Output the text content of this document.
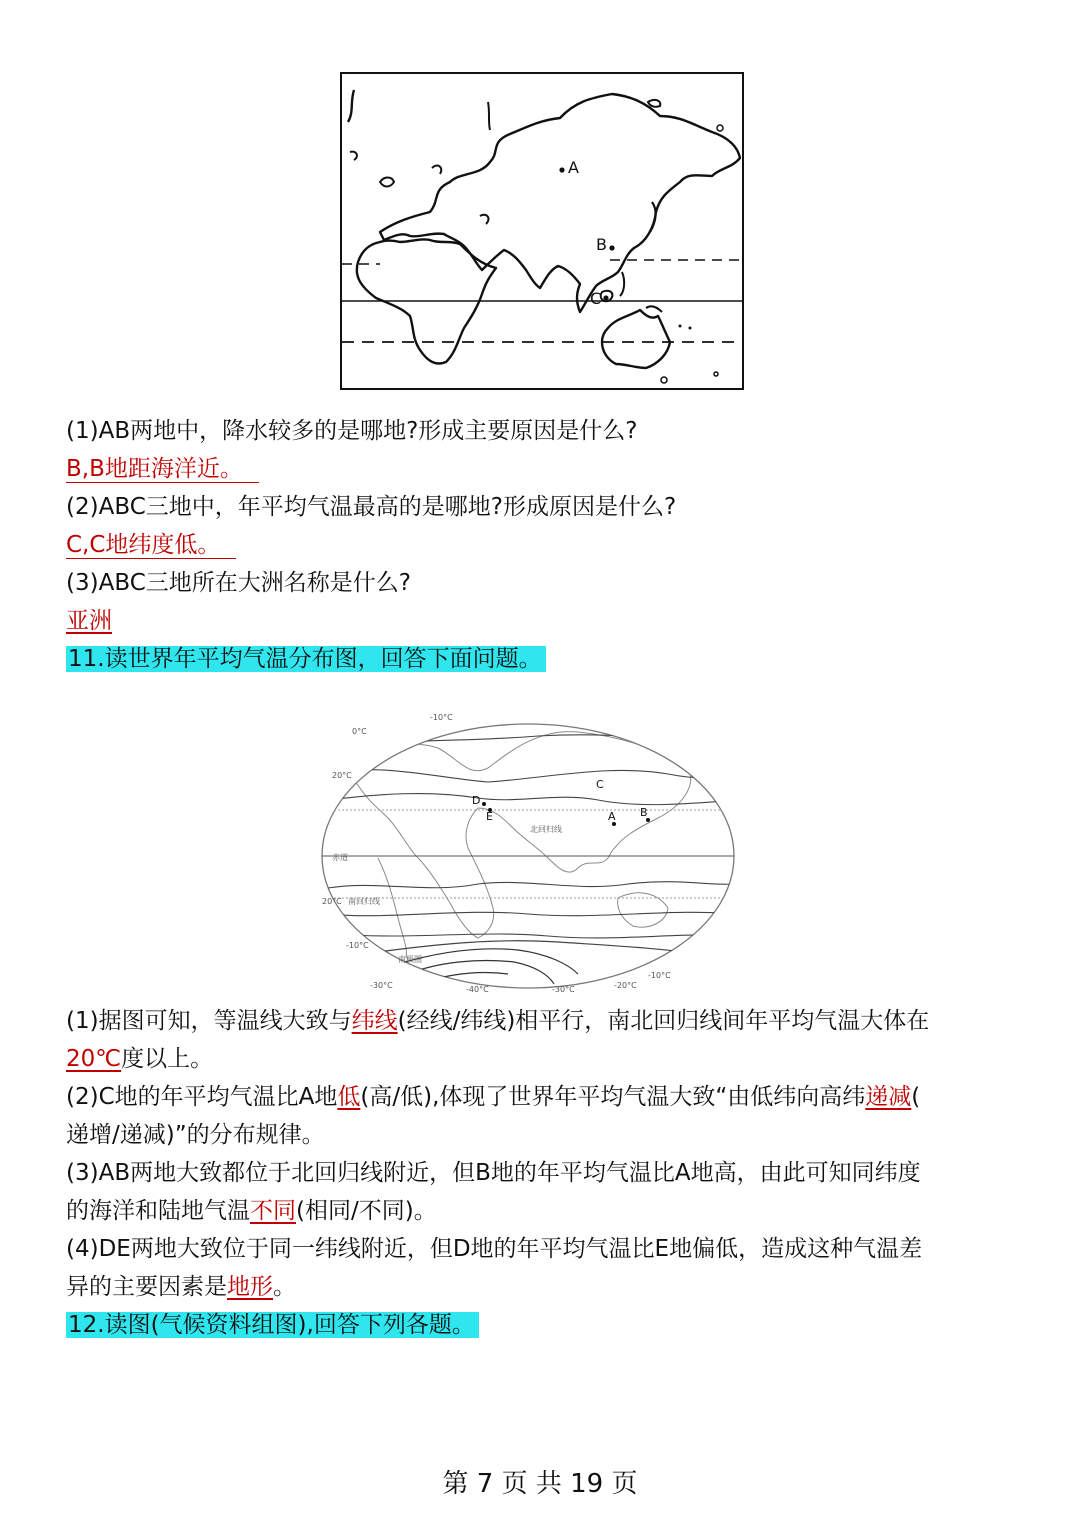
A
B
C
(1)AB两地中，降水较多的是哪地?形成主要原因是什么?
B,B地距海洋近。
(2)ABC三地中，年平均气温最高的是哪地?形成原因是什么?
C,C地纬度低。
(3)ABC三地所在大洲名称是什么?
亚洲
11.读世界年平均气温分布图，回答下面问题。
-10°C
0°C
20°C
赤道
北回归线
20°C 南回归线
-10°C
南极圈
-30°C	-40°C	-30°C	-20°C
-10°C
A B
C
D
E
(1)据图可知，等温线大致与纬线(经线/纬线)相平行，南北回归线间年平均气温大体在
20℃度以上。
(2)C地的年平均气温比A地低(高/低),体现了世界年平均气温大致“由低纬向高纬递减(
递增/递减)”的分布规律。
(3)AB两地大致都位于北回归线附近，但B地的年平均气温比A地高，由此可知同纬度
的海洋和陆地气温不同(相同/不同)。
(4)DE两地大致位于同一纬线附近，但D地的年平均气温比E地偏低，造成这种气温差
异的主要因素是地形。
12.读图(气候资料组图),回答下列各题。
第 7 页 共 19 页
